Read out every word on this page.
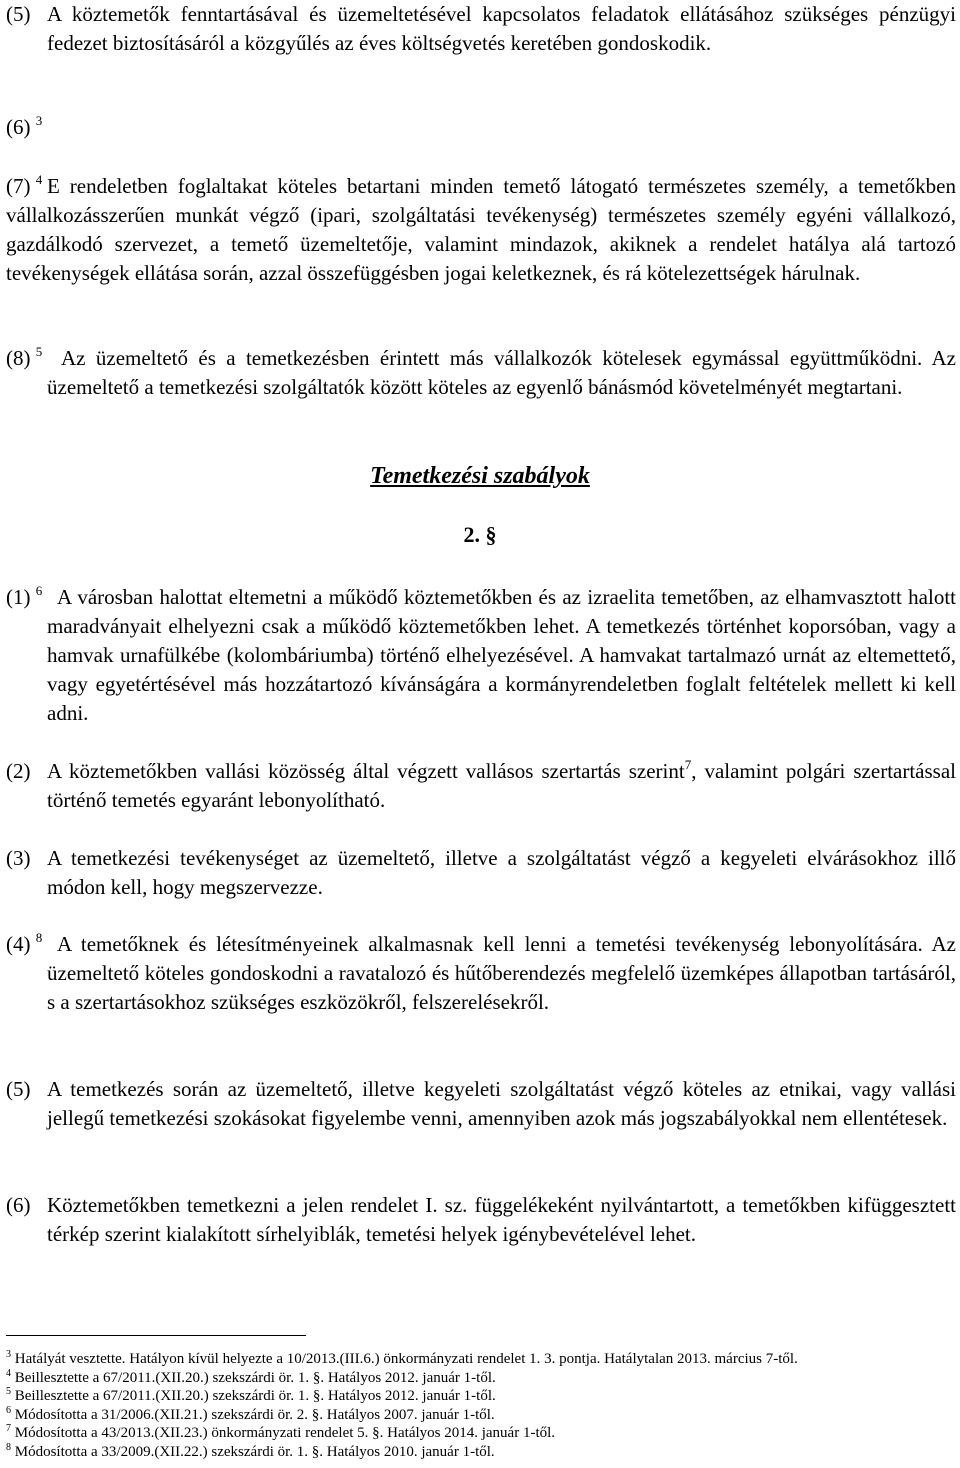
(5) A köztemetők fenntartásával és üzemeltetésével kapcsolatos feladatok ellátásához szükséges pénzügyi fedezet biztosításáról a közgyűlés az éves költségvetés keretében gondoskodik.
(6) $^3$
(7) $^4$ E rendeletben foglaltakat köteles betartani minden temető látogató természetes személy, a temetőkben vállalkozásszerűen munkát végző (ipari, szolgáltatási tevékenység) természetes személy egyéni vállalkozó, gazdálkodó szervezet, a temető üzemeltetője, valamint mindazok, akiknek a rendelet hatálya alá tartozó tevékenységek ellátása során, azzal összefüggésben jogai keletkeznek, és rá kötelezettségek hárulnak.
(8) $^5$ Az üzemeltető és a temetkezésben érintett más vállalkozók kötelesek egymással együttműködni. Az üzemeltető a temetkezési szolgáltatók között köteles az egyenlő bánásmód követelményét megtartani.
Temetkezési szabályok
2. §
(1) $^6$ A városban halottat eltemetni a működő köztemetőkben és az izraelita temetőben, az elhamvasztott halott maradványait elhelyezni csak a működő köztemetőkben lehet. A temetkezés történhet koporsóban, vagy a hamvak urnafülkébe (kolombáriumba) történő elhelyezésével. A hamvakat tartalmazó urnát az eltemettető, vagy egyetértésével más hozzátartozó kívánságára a kormányrendeletben foglalt feltételek mellett ki kell adni.
(2) A köztemetőkben vallási közösség által végzett vallásos szertartás szerint$^7$, valamint polgári szertartással történő temetés egyaránt lebonyolítható.
(3) A temetkezési tevékenységet az üzemeltető, illetve a szolgáltatást végző a kegyeleti elvárásokhoz illő módon kell, hogy megszervezze.
(4) $^8$ A temetőknek és létesítményeinek alkalmasnak kell lenni a temetési tevékenység lebonyolítására. Az üzemeltető köteles gondoskodni a ravatalozó és hűtőberendezés megfelelő üzemképes állapotban tartásáról, s a szertartásokhoz szükséges eszközökről, felszerelésekről.
(5) A temetkezés során az üzemeltető, illetve kegyeleti szolgáltatást végző köteles az etnikai, vagy vallási jellegű temetkezési szokásokat figyelembe venni, amennyiben azok más jogszabályokkal nem ellentétesek.
(6) Köztemetőkben temetkezni a jelen rendelet I. sz. függelékeként nyilvántartott, a temetőkben kifüggesztett térkép szerint kialakított sírhelyiblák, temetési helyek igénybevételével lehet.
$^3$ Hatályát vesztette. Hatályon kívül helyezte a 10/2013.(III.6.) önkormányzati rendelet 1. 3. pontja. Hatálytalan 2013. március 7-től.
$^4$ Beillesztette a 67/2011.(XII.20.) szekszárdi ör. 1. §. Hatályos 2012. január 1-től.
$^5$ Beillesztette a 67/2011.(XII.20.) szekszárdi ör. 1. §. Hatályos 2012. január 1-től.
$^6$ Módosította a 31/2006.(XII.21.) szekszárdi ör. 2. §. Hatályos 2007. január 1-től.
$^7$ Módosította a 43/2013.(XII.23.) önkormányzati rendelet 5. §. Hatályos 2014. január 1-től.
$^8$ Módosította a 33/2009.(XII.22.) szekszárdi ör. 1. §. Hatályos 2010. január 1-től.
